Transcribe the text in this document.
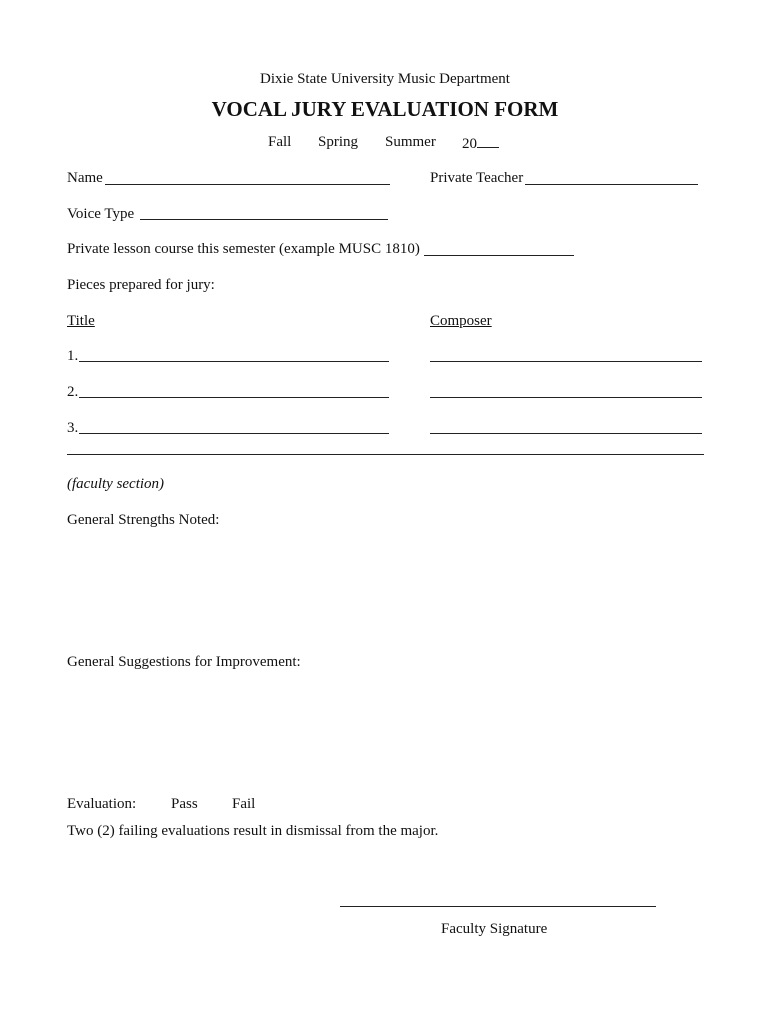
Dixie State University Music Department
VOCAL JURY EVALUATION FORM
Fall Spring Summer 20
Name	Private Teacher
Voice Type
Private lesson course this semester (example MUSC 1810)
Pieces prepared for jury:
Title	Composer
1.
2.
3.
(faculty section)
General Strengths Noted:
General Suggestions for Improvement:
Evaluation: Pass Fail
Two (2) failing evaluations result in dismissal from the major.
Faculty Signature
